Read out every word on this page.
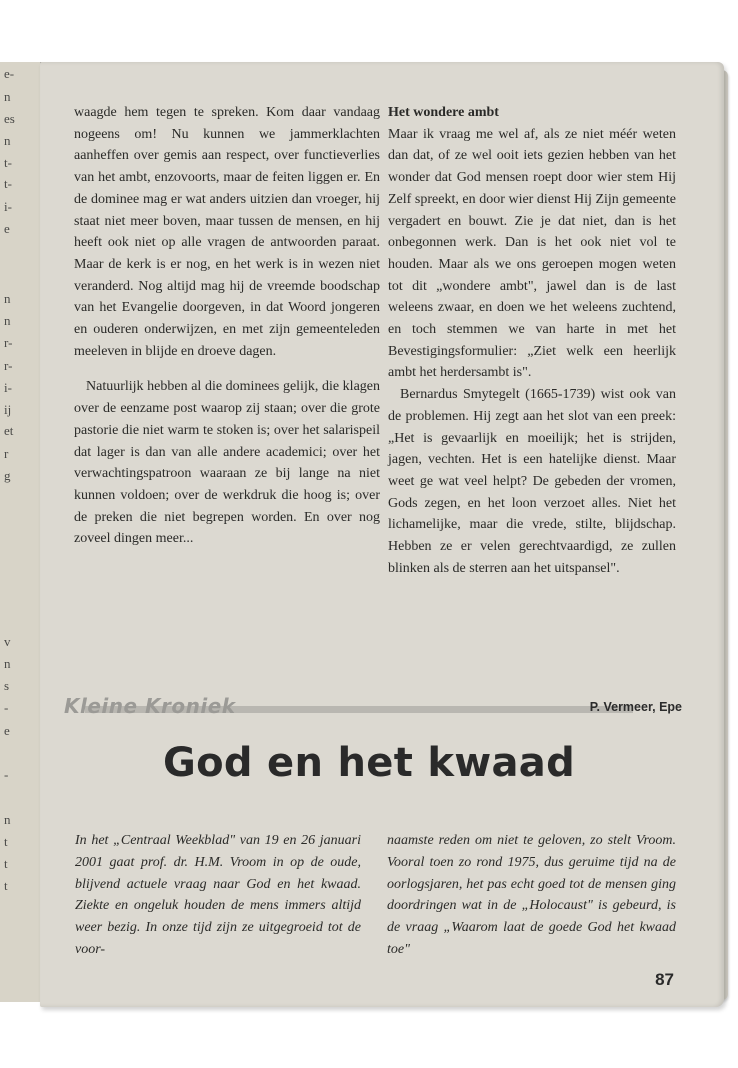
e-
n
es
n
t-
t-
i-
e
n
n
r-
r-
i-
ij
et
r
g
v
n
s
-
e
-
n
t
t
t

waagde hem tegen te spreken. Kom daar vandaag nogeens om! Nu kunnen we jammerklachten aanheffen over gemis aan respect, over functieverlies van het ambt, enzovoorts, maar de feiten liggen er. En de dominee mag er wat anders uitzien dan vroeger, hij staat niet meer boven, maar tussen de mensen, en hij heeft ook niet op alle vragen de antwoorden paraat. Maar de kerk is er nog, en het werk is in wezen niet veranderd. Nog altijd mag hij de vreemde boodschap van het Evangelie doorgeven, in dat Woord jongeren en ouderen onderwijzen, en met zijn gemeenteleden meeleven in blijde en droeve dagen.

Natuurlijk hebben al die dominees gelijk, die klagen over de eenzame post waarop zij staan; over die grote pastorie die niet warm te stoken is; over het salarispeil dat lager is dan van alle andere academici; over het verwachtingspatroon waaraan ze bij lange na niet kunnen voldoen; over de werkdruk die hoog is; over de preken die niet begrepen worden. En over nog zoveel dingen meer...

Het wondere ambt

Maar ik vraag me wel af, als ze niet méér weten dan dat, of ze wel ooit iets gezien hebben van het wonder dat God mensen roept door wier stem Hij Zelf spreekt, en door wier dienst Hij Zijn gemeente vergadert en bouwt. Zie je dat niet, dan is het onbegonnen werk. Dan is het ook niet vol te houden. Maar als we ons geroepen mogen weten tot dit „wondere ambt", jawel dan is de last weleens zwaar, en doen we het weleens zuchtend, en toch stemmen we van harte in met het Bevestigingsformulier: „Ziet welk een heerlijk ambt het herdersambt is".

Bernardus Smytegelt (1665-1739) wist ook van de problemen. Hij zegt aan het slot van een preek: „Het is gevaarlijk en moeilijk; het is strijden, jagen, vechten. Het is een hatelijke dienst. Maar weet ge wat veel helpt? De gebeden der vromen, Gods zegen, en het loon verzoet alles. Niet het lichamelijke, maar die vrede, stilte, blijdschap. Hebben ze er velen gerechtvaardigd, ze zullen blinken als de sterren aan het uitspansel".

Kleine Kroniek	P. Vermeer, Epe
God en het kwaad

In het „Centraal Weekblad" van 19 en 26 januari 2001 gaat prof. dr. H.M. Vroom in op de oude, blijvend actuele vraag naar God en het kwaad. Ziekte en ongeluk houden de mens immers altijd weer bezig. In onze tijd zijn ze uitgegroeid tot de voor-

naamste reden om niet te geloven, zo stelt Vroom. Vooral toen zo rond 1975, dus geruime tijd na de oorlogsjaren, het pas echt goed tot de mensen ging doordringen wat in de „Holocaust" is gebeurd, is de vraag „Waarom laat de goede God het kwaad toe"

87
